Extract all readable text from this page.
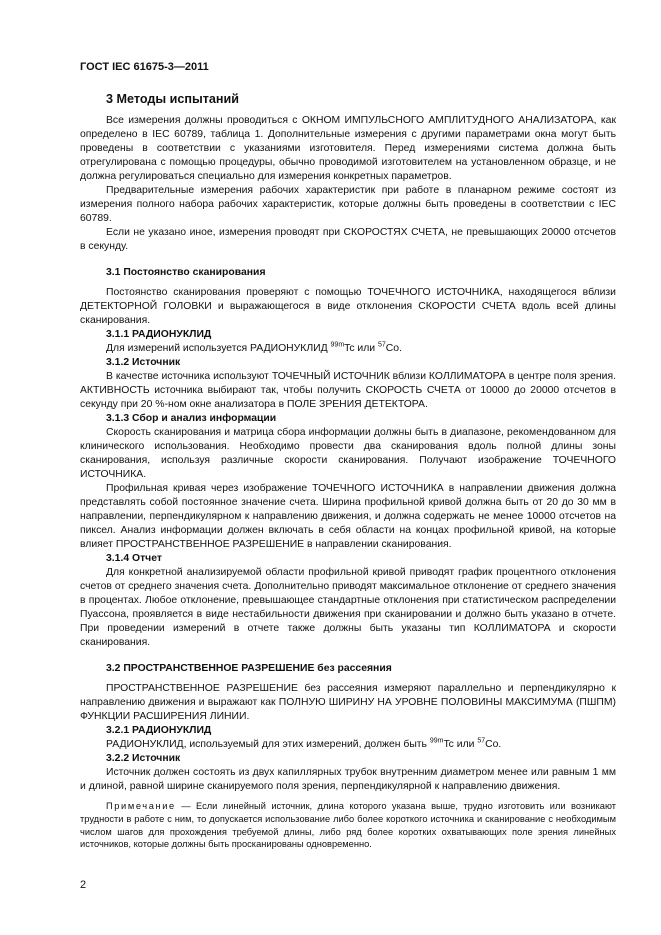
ГОСТ IEC 61675-3—2011
3 Методы испытаний

Все измерения должны проводиться с ОКНОМ ИМПУЛЬСНОГО АМПЛИТУДНОГО АНАЛИЗАТОРА, как определено в IEC 60789, таблица 1. Дополнительные измерения с другими параметрами окна могут быть проведены в соответствии с указаниями изготовителя. Перед измерениями система должна быть отрегулирована с помощью процедуры, обычно проводимой изготовителем на установленном образце, и не должна регулироваться специально для измерения конкретных параметров.

Предварительные измерения рабочих характеристик при работе в планарном режиме состоят из измерения полного набора рабочих характеристик, которые должны быть проведены в соответствии с IEC 60789.

Если не указано иное, измерения проводят при СКОРОСТЯХ СЧЕТА, не превышающих 20000 отсчетов в секунду.

3.1 Постоянство сканирования

Постоянство сканирования проверяют с помощью ТОЧЕЧНОГО ИСТОЧНИКА, находящегося вблизи ДЕТЕКТОРНОЙ ГОЛОВКИ и выражающегося в виде отклонения СКОРОСТИ СЧЕТА вдоль всей длины сканирования.

3.1.1 РАДИОНУКЛИД

Для измерений используется РАДИОНУКЛИД $^{99m}$Tc или $^{57}$Co.

3.1.2 Источник

В качестве источника используют ТОЧЕЧНЫЙ ИСТОЧНИК вблизи КОЛЛИМАТОРА в центре поля зрения. АКТИВНОСТЬ источника выбирают так, чтобы получить СКОРОСТЬ СЧЕТА от 10000 до 20000 отсчетов в секунду при 20 %-ном окне анализатора в ПОЛЕ ЗРЕНИЯ ДЕТЕКТОРА.

3.1.3 Сбор и анализ информации

Скорость сканирования и матрица сбора информации должны быть в диапазоне, рекомендованном для клинического использования. Необходимо провести два сканирования вдоль полной длины зоны сканирования, используя различные скорости сканирования. Получают изображение ТОЧЕЧНОГО ИСТОЧНИКА.

Профильная кривая через изображение ТОЧЕЧНОГО ИСТОЧНИКА в направлении движения должна представлять собой постоянное значение счета. Ширина профильной кривой должна быть от 20 до 30 мм в направлении, перпендикулярном к направлению движения, и должна содержать не менее 10000 отсчетов на пиксел. Анализ информации должен включать в себя области на концах профильной кривой, на которые влияет ПРОСТРАНСТВЕННОЕ РАЗРЕШЕНИЕ в направлении сканирования.

3.1.4 Отчет

Для конкретной анализируемой области профильной кривой приводят график процентного отклонения счетов от среднего значения счета. Дополнительно приводят максимальное отклонение от среднего значения в процентах. Любое отклонение, превышающее стандартные отклонения при статистическом распределении Пуассона, проявляется в виде нестабильности движения при сканировании и должно быть указано в отчете. При проведении измерений в отчете также должны быть указаны тип КОЛЛИМАТОРА и скорости сканирования.

3.2 ПРОСТРАНСТВЕННОЕ РАЗРЕШЕНИЕ без рассеяния

ПРОСТРАНСТВЕННОЕ РАЗРЕШЕНИЕ без рассеяния измеряют параллельно и перпендикулярно к направлению движения и выражают как ПОЛНУЮ ШИРИНУ НА УРОВНЕ ПОЛОВИНЫ МАКСИМУМА (ПШПМ) ФУНКЦИИ РАСШИРЕНИЯ ЛИНИИ.

3.2.1 РАДИОНУКЛИД

РАДИОНУКЛИД, используемый для этих измерений, должен быть $^{99m}$Tc или $^{57}$Co.

3.2.2 Источник

Источник должен состоять из двух капиллярных трубок внутренним диаметром менее или равным 1 мм и длиной, равной ширине сканируемого поля зрения, перпендикулярной к направлению движения.

Примечание — Если линейный источник, длина которого указана выше, трудно изготовить или возникают трудности в работе с ним, то допускается использование либо более короткого источника и сканирование с необходимым числом шагов для прохождения требуемой длины, либо ряд более коротких охватывающих поле зрения линейных источников, которые должны быть просканированы одновременно.

2
